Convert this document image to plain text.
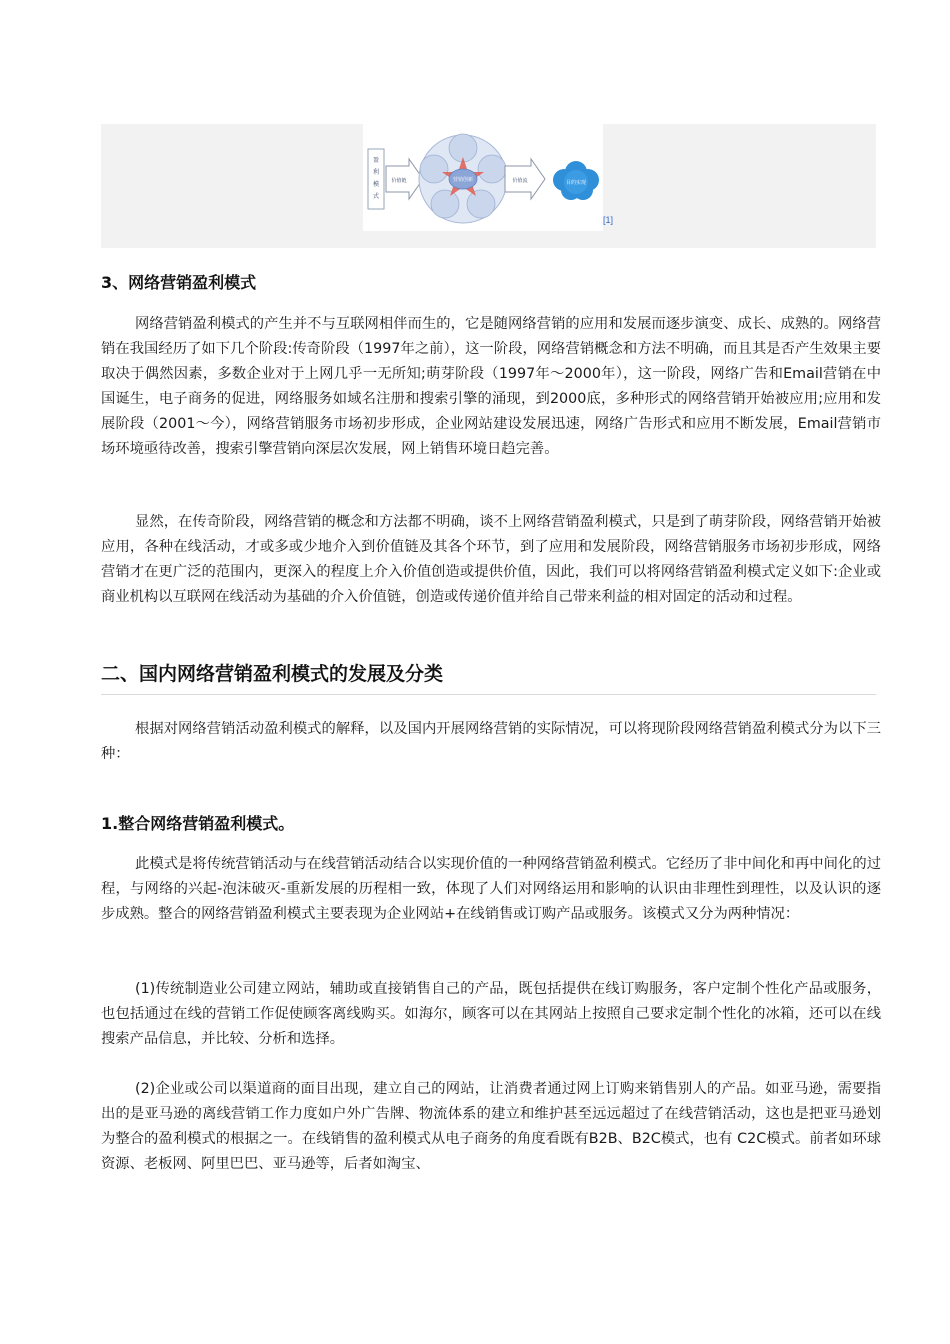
盈
利
模
式
价值链	营销创新	价值流	目的实现
[1]
3、网络营销盈利模式

网络营销盈利模式的产生并不与互联网相伴而生的，它是随网络营销的应用和发展而逐步演变、成长、成熟的。网络营销在我国经历了如下几个阶段:传奇阶段（1997年之前），这一阶段，网络营销概念和方法不明确，而且其是否产生效果主要取决于偶然因素，多数企业对于上网几乎一无所知;萌芽阶段（1997年～2000年），这一阶段，网络广告和Email营销在中国诞生，电子商务的促进，网络服务如域名注册和搜索引擎的涌现，到2000底，多种形式的网络营销开始被应用;应用和发展阶段（2001～今），网络营销服务市场初步形成，企业网站建设发展迅速，网络广告形式和应用不断发展，Email营销市场环境亟待改善，搜索引擎营销向深层次发展，网上销售环境日趋完善。

显然，在传奇阶段，网络营销的概念和方法都不明确，谈不上网络营销盈利模式，只是到了萌芽阶段，网络营销开始被应用，各种在线活动，才或多或少地介入到价值链及其各个环节，到了应用和发展阶段，网络营销服务市场初步形成，网络营销才在更广泛的范围内，更深入的程度上介入价值创造或提供价值，因此，我们可以将网络营销盈利模式定义如下:企业或商业机构以互联网在线活动为基础的介入价值链，创造或传递价值并给自己带来利益的相对固定的活动和过程。

二、国内网络营销盈利模式的发展及分类

根据对网络营销活动盈利模式的解释，以及国内开展网络营销的实际情况，可以将现阶段网络营销盈利模式分为以下三种：

1.整合网络营销盈利模式。

此模式是将传统营销活动与在线营销活动结合以实现价值的一种网络营销盈利模式。它经历了非中间化和再中间化的过程，与网络的兴起-泡沫破灭-重新发展的历程相一致，体现了人们对网络运用和影响的认识由非理性到理性，以及认识的逐步成熟。整合的网络营销盈利模式主要表现为企业网站+在线销售或订购产品或服务。该模式又分为两种情况：

(1)传统制造业公司建立网站，辅助或直接销售自己的产品，既包括提供在线订购服务，客户定制个性化产品或服务，也包括通过在线的营销工作促使顾客离线购买。如海尔，顾客可以在其网站上按照自己要求定制个性化的冰箱，还可以在线搜索产品信息，并比较、分析和选择。

(2)企业或公司以渠道商的面目出现，建立自己的网站，让消费者通过网上订购来销售别人的产品。如亚马逊，需要指出的是亚马逊的离线营销工作力度如户外广告牌、物流体系的建立和维护甚至远远超过了在线营销活动，这也是把亚马逊划为整合的盈利模式的根据之一。在线销售的盈利模式从电子商务的角度看既有B2B、B2C模式，也有 C2C模式。前者如环球资源、老板网、阿里巴巴、亚马逊等，后者如淘宝、
